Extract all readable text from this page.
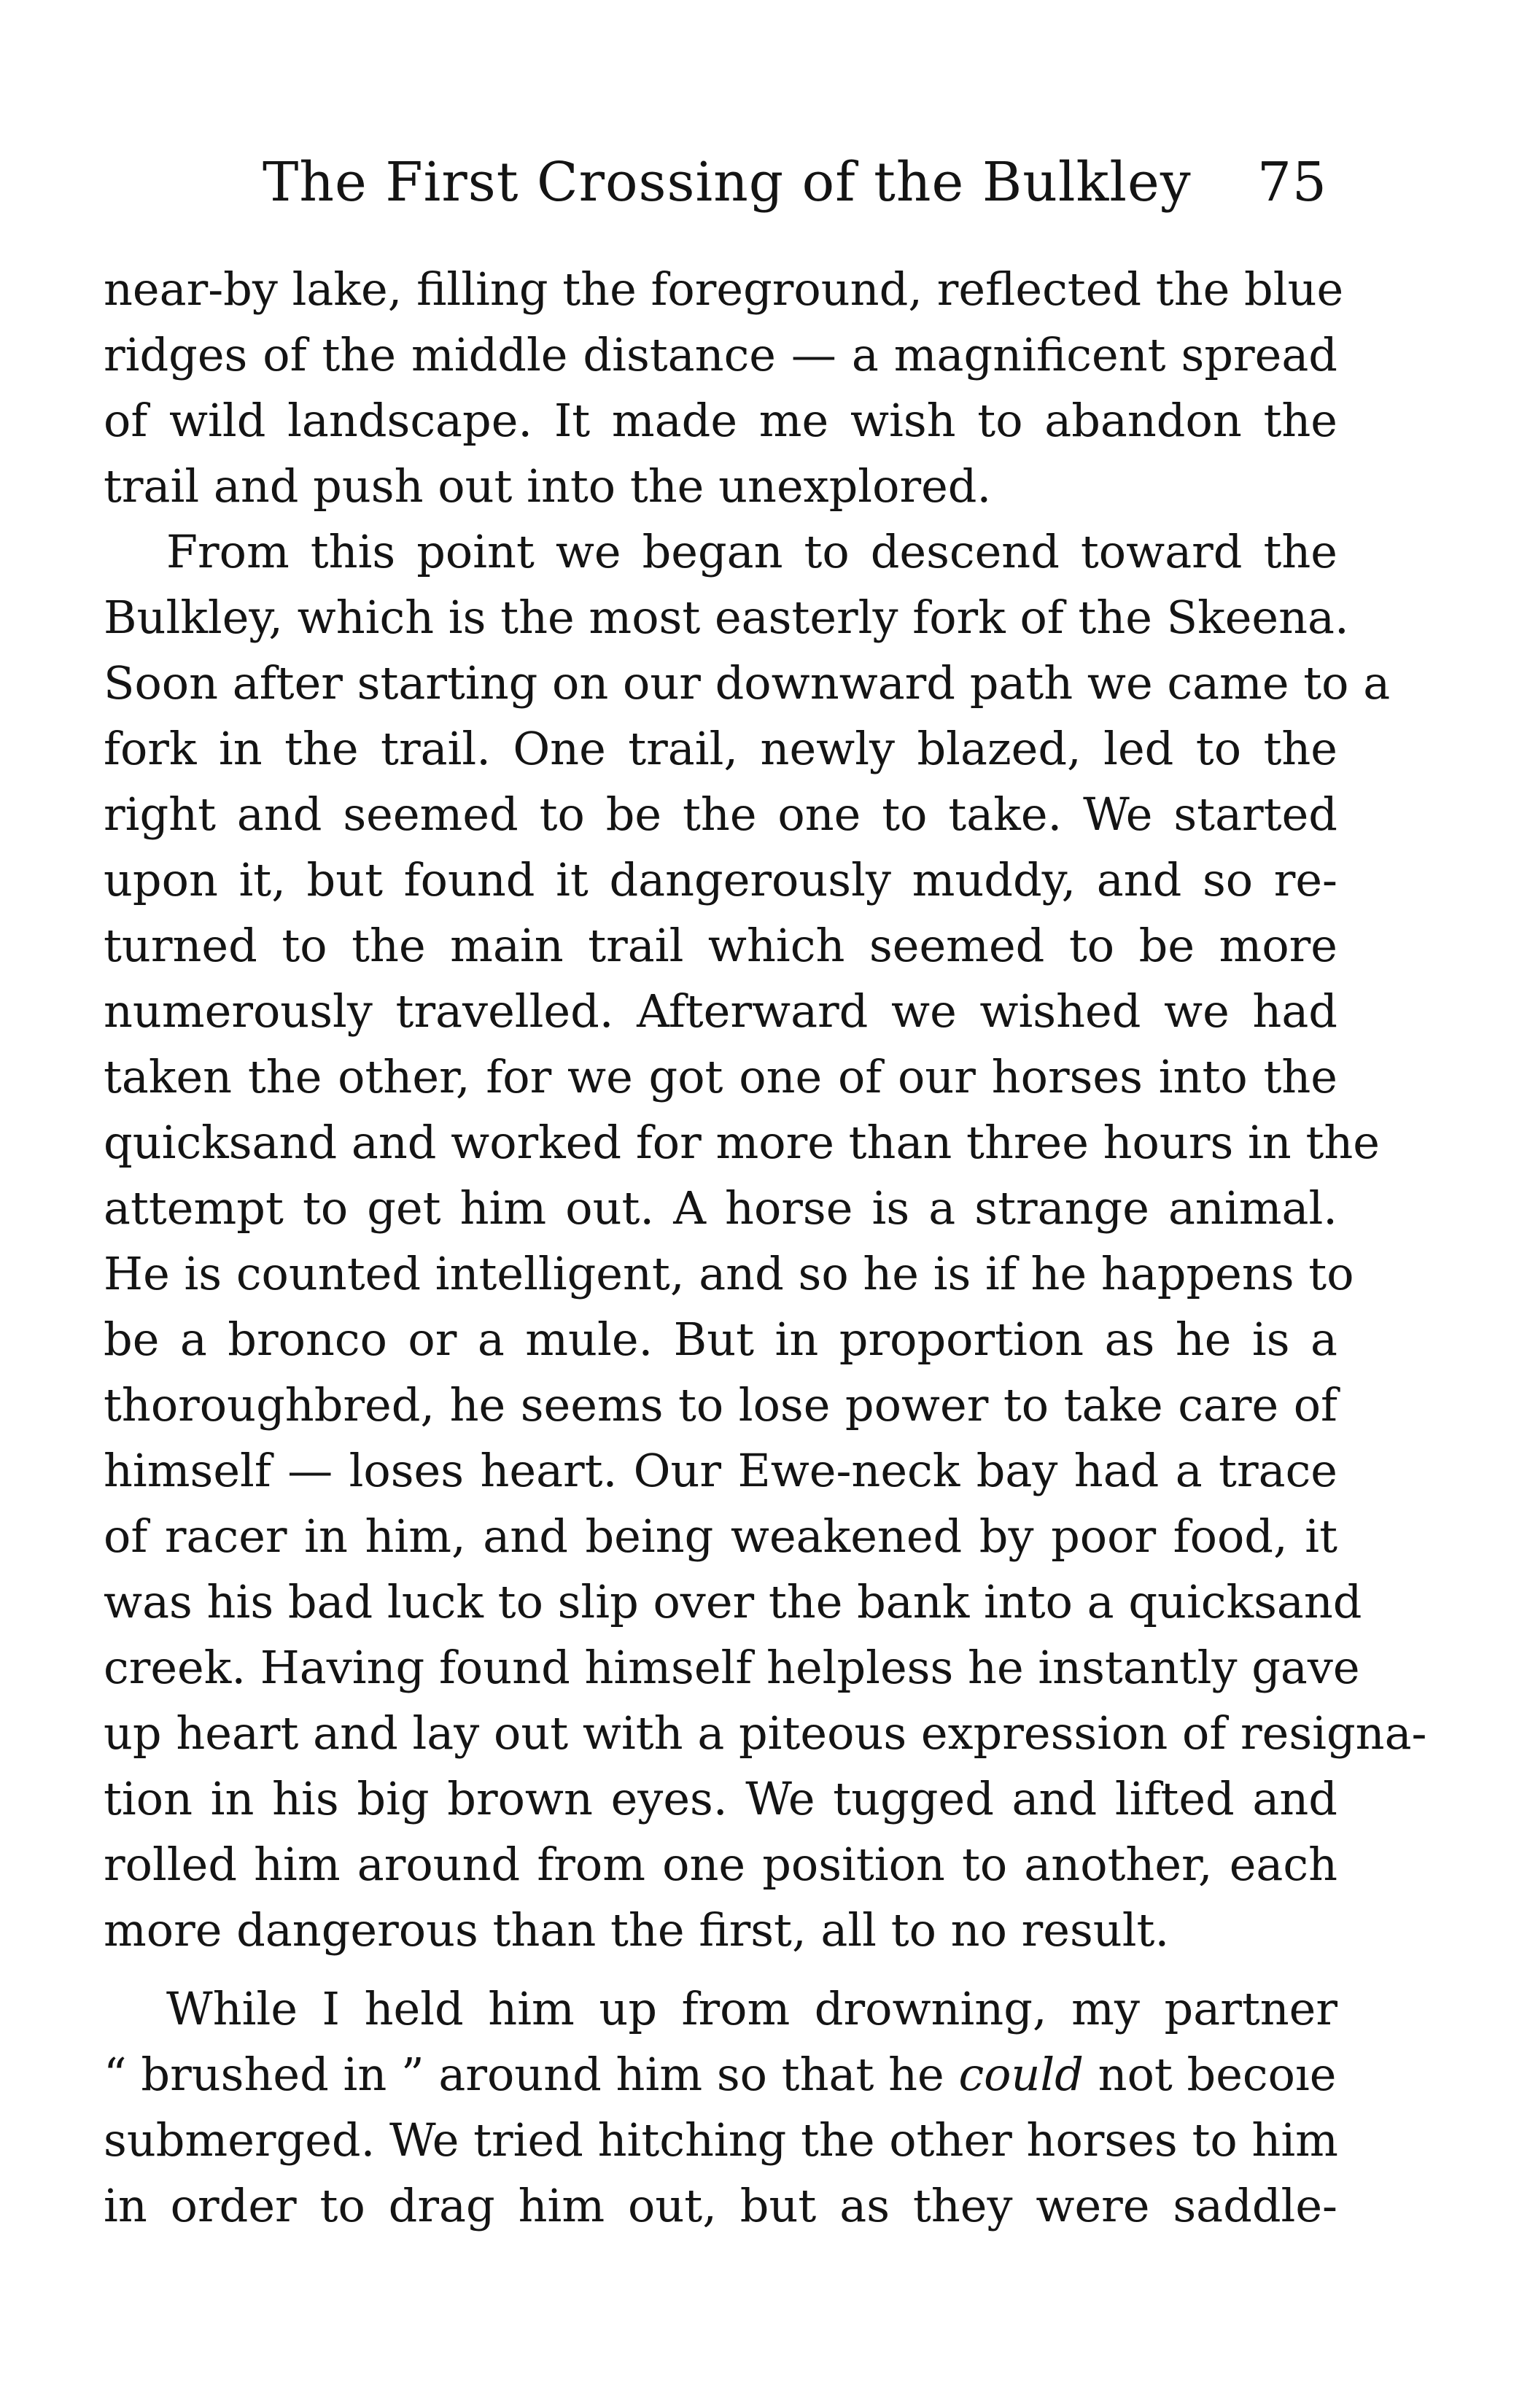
The First Crossing of the Bulkley 75
near-by lake, filling the foreground, reflected the blue
ridges of the middle distance — a magnificent spread
of wild landscape. It made me wish to abandon the
trail and push out into the unexplored.
From this point we began to descend toward the
Bulkley, which is the most easterly fork of the Skeena.
Soon after starting on our downward path we came to a
fork in the trail. One trail, newly blazed, led to the
right and seemed to be the one to take. We started
upon it, but found it dangerously muddy, and so re-
turned to the main trail which seemed to be more
numerously travelled. Afterward we wished we had
taken the other, for we got one of our horses into the
quicksand and worked for more than three hours in the
attempt to get him out. A horse is a strange animal.
He is counted intelligent, and so he is if he happens to
be a bronco or a mule. But in proportion as he is a
thoroughbred, he seems to lose power to take care of
himself — loses heart. Our Ewe-neck bay had a trace
of racer in him, and being weakened by poor food, it
was his bad luck to slip over the bank into a quicksand
creek. Having found himself helpless he instantly gave
up heart and lay out with a piteous expression of resigna-
tion in his big brown eyes. We tugged and lifted and
rolled him around from one position to another, each
more dangerous than the first, all to no result.
While I held him up from drowning, my partner
“ brushed in ” around him so that he could not becoıe
submerged. We tried hitching the other horses to him
in order to drag him out, but as they were saddle-
